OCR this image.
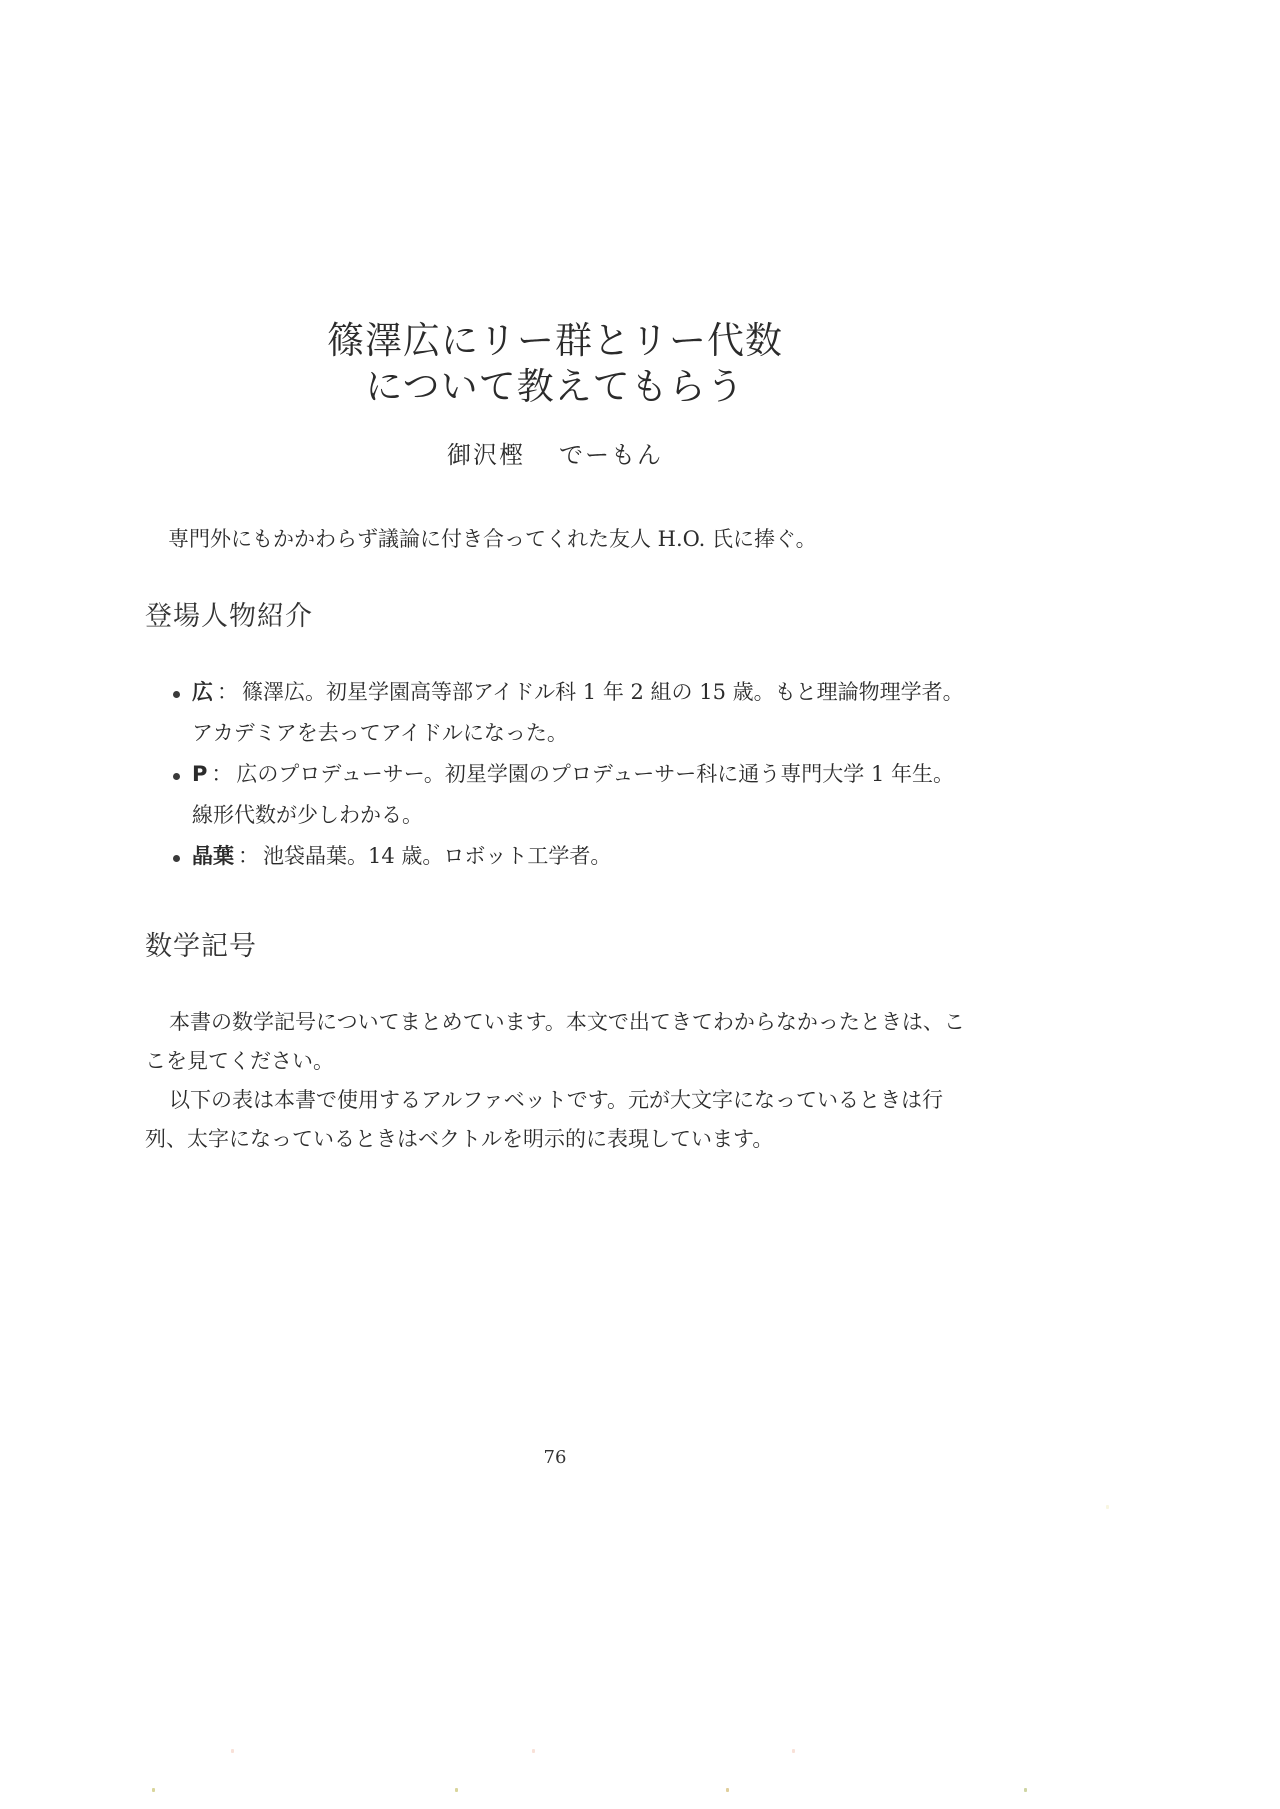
篠澤広にリー群とリー代数
について教えてもらう
御沢樫 でーもん
専門外にもかかわらず議論に付き合ってくれた友人 H.O. 氏に捧ぐ。
登場人物紹介
広 ： 篠澤広。初星学園高等部アイドル科 1 年 2 組の 15 歳。もと理論物理学者。アカデミアを去ってアイドルになった。
P ： 広のプロデューサー。初星学園のプロデューサー科に通う専門大学 1 年生。線形代数が少しわかる。
晶葉 ： 池袋晶葉。14 歳。ロボット工学者。
数学記号

本書の数学記号についてまとめています。本文で出てきてわからなかったときは、ここを見てください。

以下の表は本書で使用するアルファベットです。元が大文字になっているときは行列、太字になっているときはベクトルを明示的に表現しています。

76
